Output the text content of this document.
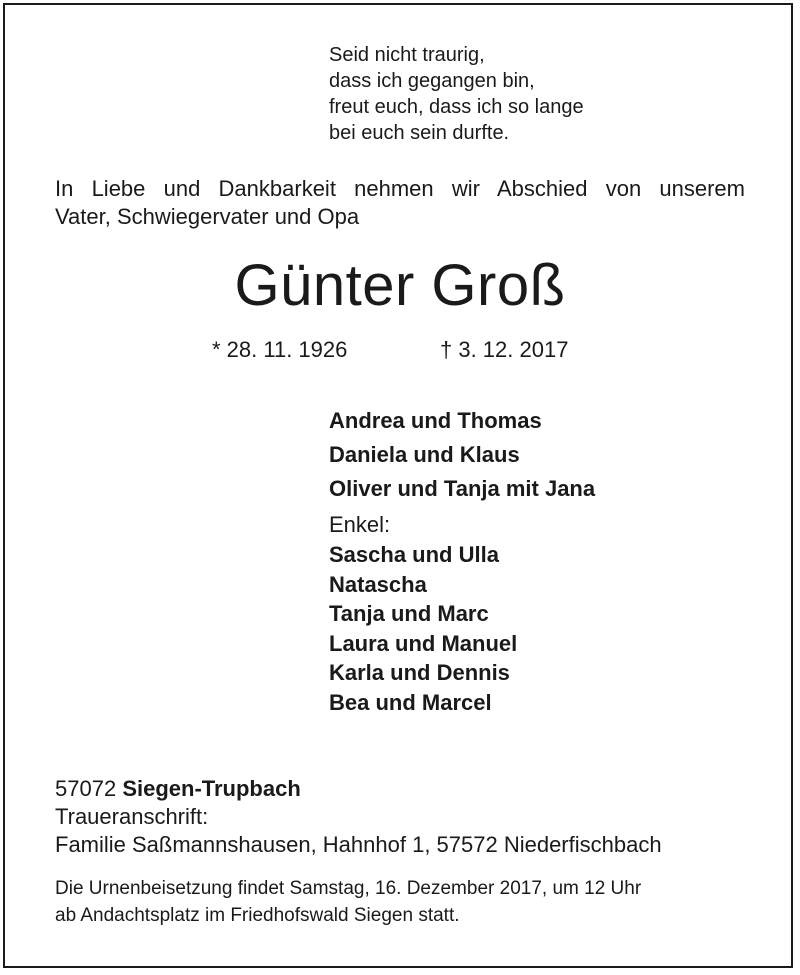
Seid nicht traurig,
dass ich gegangen bin,
freut euch, dass ich so lange
bei euch sein durfte.
In Liebe und Dankbarkeit nehmen wir Abschied von unserem
Vater, Schwiegervater und Opa
Günter Groß
* 28. 11. 1926	† 3. 12. 2017
Andrea und Thomas
Daniela und Klaus
Oliver und Tanja mit Jana
Enkel:
Sascha und Ulla
Natascha
Tanja und Marc
Laura und Manuel
Karla und Dennis
Bea und Marcel
57072 Siegen-Trupbach
Traueranschrift:
Familie Saßmannshausen, Hahnhof 1, 57572 Niederfischbach
Die Urnenbeisetzung findet Samstag, 16. Dezember 2017, um 12 Uhr
ab Andachtsplatz im Friedhofswald Siegen statt.
